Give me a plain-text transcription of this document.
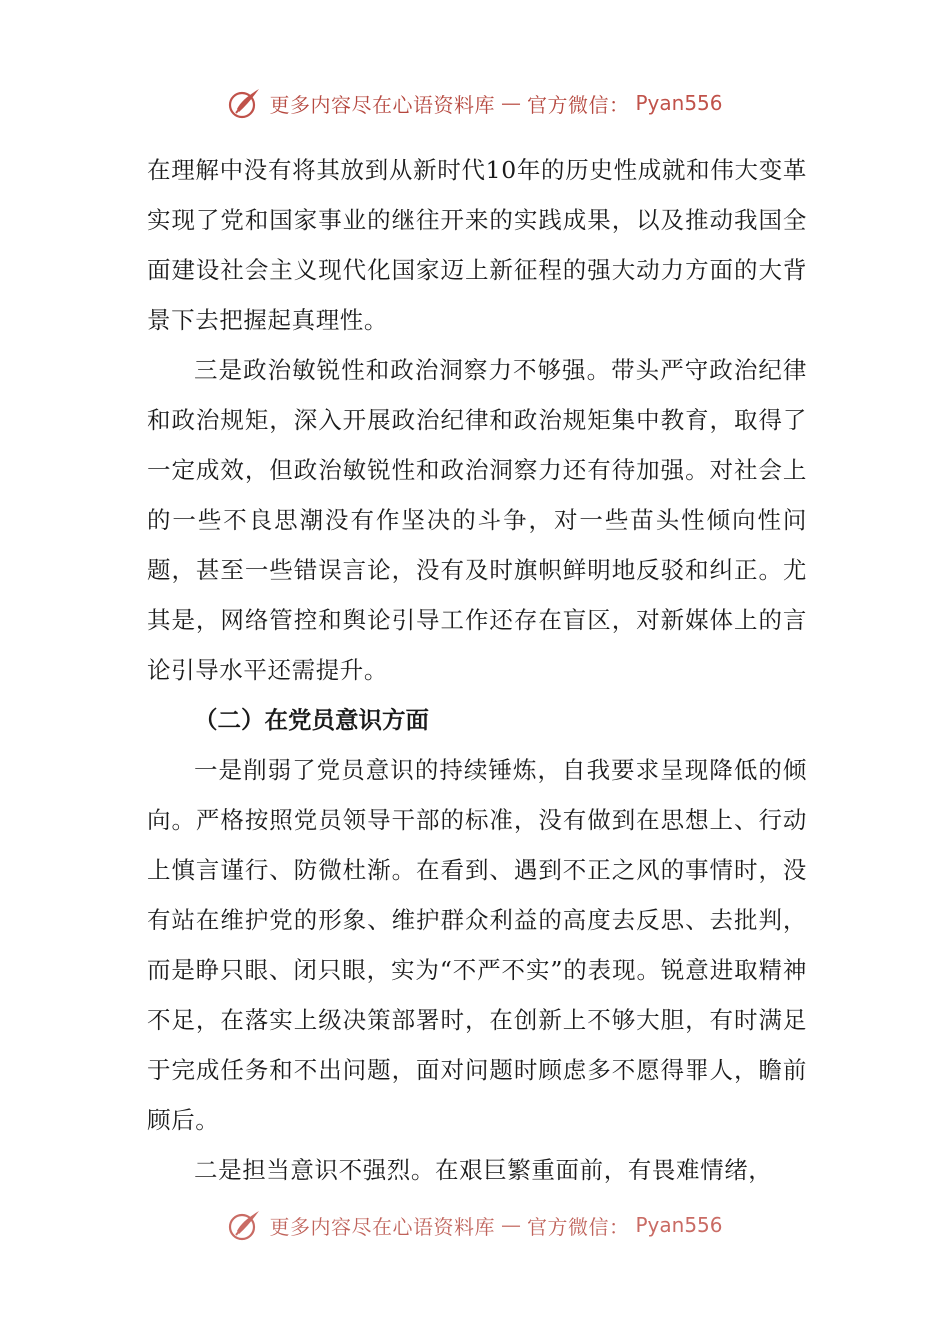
更多内容尽在心语资料库 — 官方微信： Pyan556

在理解中没有将其放到从新时代10年的历史性成就和伟大变革实现了党和国家事业的继往开来的实践成果，以及推动我国全面建设社会主义现代化国家迈上新征程的强大动力方面的大背景下去把握起真理性。

三是政治敏锐性和政治洞察力不够强。带头严守政治纪律和政治规矩，深入开展政治纪律和政治规矩集中教育，取得了一定成效，但政治敏锐性和政治洞察力还有待加强。对社会上的一些不良思潮没有作坚决的斗争，对一些苗头性倾向性问题，甚至一些错误言论，没有及时旗帜鲜明地反驳和纠正。尤其是，网络管控和舆论引导工作还存在盲区，对新媒体上的言论引导水平还需提升。

（二）在党员意识方面

一是削弱了党员意识的持续锤炼，自我要求呈现降低的倾向。严格按照党员领导干部的标准，没有做到在思想上、行动上慎言谨行、防微杜渐。在看到、遇到不正之风的事情时，没有站在维护党的形象、维护群众利益的高度去反思、去批判，而是睁只眼、闭只眼，实为“不严不实”的表现。锐意进取精神不足，在落实上级决策部署时，在创新上不够大胆，有时满足于完成任务和不出问题，面对问题时顾虑多不愿得罪人，瞻前顾后。

二是担当意识不强烈。在艰巨繁重面前，有畏难情绪，

更多内容尽在心语资料库 — 官方微信： Pyan556
